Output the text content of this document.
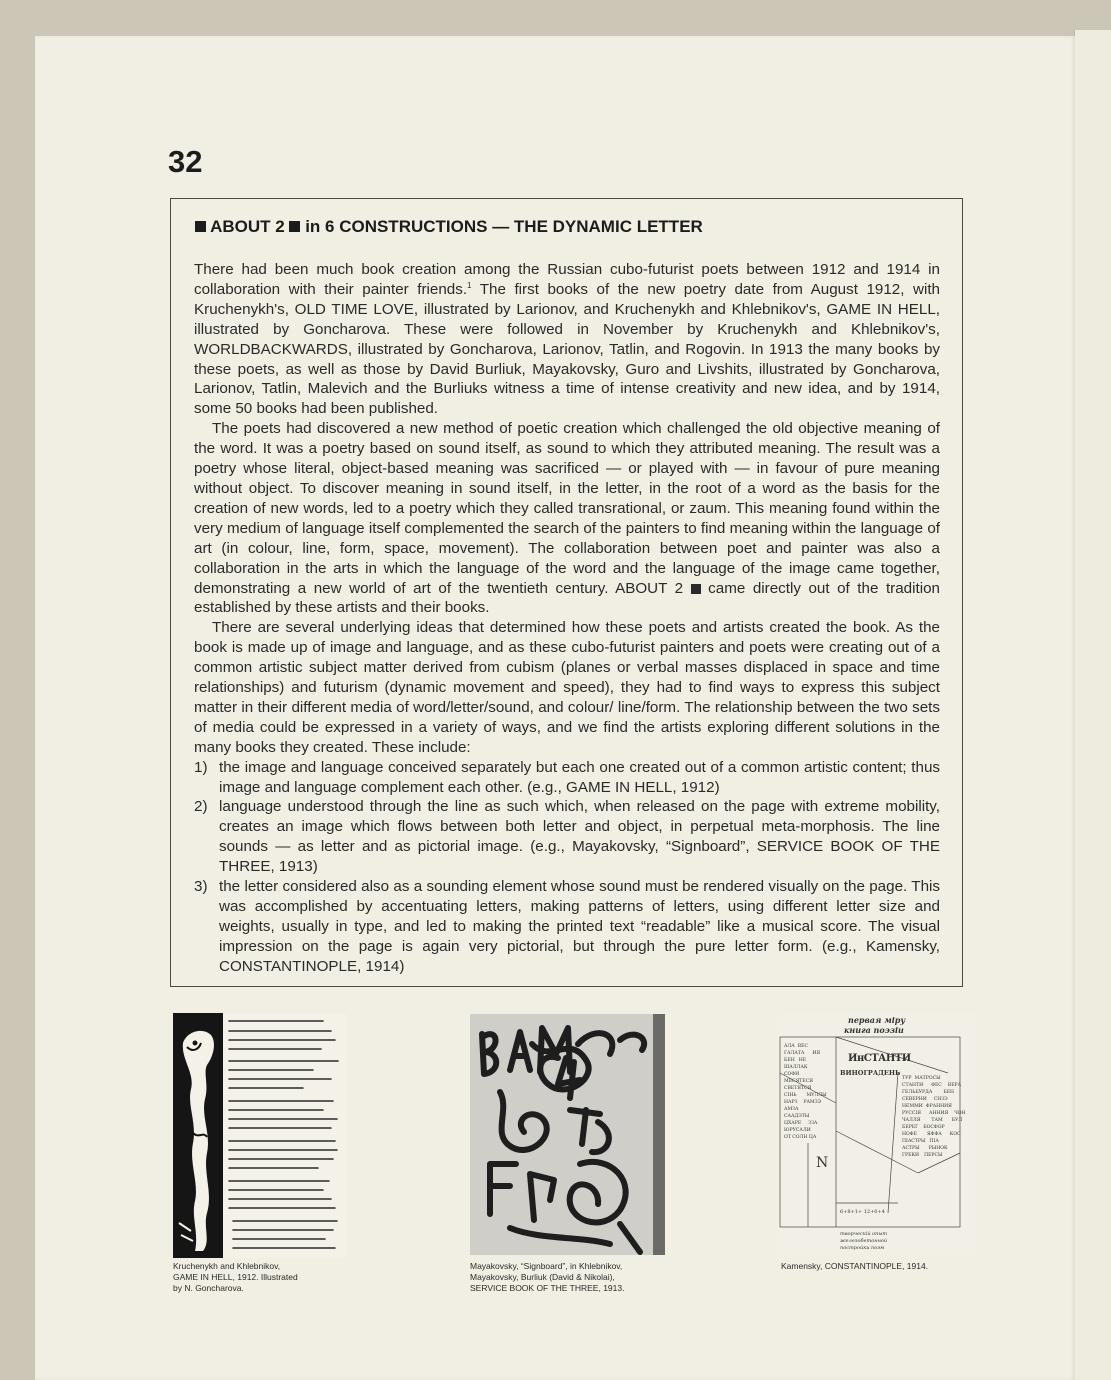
32
ABOUT 2 in 6 CONSTRUCTIONS — THE DYNAMIC LETTER

There had been much book creation among the Russian cubo-futurist poets between 1912 and 1914 in collaboration with their painter friends.$^1$ The first books of the new poetry date from August 1912, with Kruchenykh's, OLD TIME LOVE, illustrated by Larionov, and Kruchenykh and Khlebnikov's, GAME IN HELL, illustrated by Goncharova. These were followed in November by Kruchenykh and Khlebnikov's, WORLDBACKWARDS, illustrated by Goncharova, Larionov, Tatlin, and Rogovin. In 1913 the many books by these poets, as well as those by David Burliuk, Mayakovsky, Guro and Livshits, illustrated by Goncharova, Larionov, Tatlin, Malevich and the Burliuks witness a time of intense creativity and new idea, and by 1914, some 50 books had been published.

The poets had discovered a new method of poetic creation which challenged the old objective meaning of the word. It was a poetry based on sound itself, as sound to which they attributed meaning. The result was a poetry whose literal, object-based meaning was sacrificed — or played with — in favour of pure meaning without object. To discover meaning in sound itself, in the letter, in the root of a word as the basis for the creation of new words, led to a poetry which they called transrational, or zaum. This meaning found within the very medium of language itself complemented the search of the painters to find meaning within the language of art (in colour, line, form, space, movement). The collaboration between poet and painter was also a collaboration in the arts in which the language of the word and the language of the image came together, demonstrating a new world of art of the twentieth century. ABOUT 2  came directly out of the tradition established by these artists and their books.

There are several underlying ideas that determined how these poets and artists created the book. As the book is made up of image and language, and as these cubo-futurist painters and poets were creating out of a common artistic subject matter derived from cubism (planes or verbal masses displaced in space and time relationships) and futurism (dynamic movement and speed), they had to find ways to express this subject matter in their different media of word/letter/sound, and colour/ line/form. The relationship between the two sets of media could be expressed in a variety of ways, and we find the artists exploring different solutions in the many books they created. These include:

1) the image and language conceived separately but each one created out of a common artistic content; thus image and language complement each other. (e.g., GAME IN HELL, 1912)
2) language understood through the line as such which, when released on the page with extreme mobility, creates an image which flows between both letter and object, in perpetual meta-morphosis. The line sounds — as letter and as pictorial image. (e.g., Mayakovsky, “Signboard”, SERVICE BOOK OF THE THREE, 1913)
3) the letter considered also as a sounding element whose sound must be rendered visually on the page. This was accomplished by accentuating letters, making patterns of letters, using different letter size and weights, usually in type, and led to making the printed text “readable” like a musical score. The visual impression on the page is again very pictorial, but through the pure letter form. (e.g., Kamensky, CONSTANTINOPLE, 1914)
Kruchenykh and Khlebnikov,
GAME IN HELL, 1912. Illustrated
by N. Goncharova.
Mayakovsky, “Signboard”, in Khlebnikov,
Mayakovsky, Burliuk (David & Nikolai),
SERVICE BOOK OF THE THREE, 1913.
первая міру
книга поэзіи
ИнСТАНТИ
ВИНОГРАДЕНЬ
N
АЛА ВЕСГАЛАТА ИЯБЕН НЕШАЛЛАКСОФИМЕСЯТЕСЯСВЕТЯТСЯСІНЬ МУЛЛЫНАРЗ РАМЗЭАМЗАСААДЭТЫЦХАРЕ ЗЗАЮРУСАЛИОТ СОЛН ЦА
ТУР МАТРОСЫСТАНТИ ФЕС ВЕРАГЕЛЬБУРДА БЕНСЕВЕРНИ СНЗЭНЕММИ ФРАННИЯРУССІЯ АННИЯ ЧОНЧАЛЛЯ ТАМ БУЛБЕРЕГ БОСФОРНОФЕ ЯФФА КОСПІАСТРЫ ПІААСТРЫ РЫНОКГРЕКИ ПЕРСЫ
6+8+1+ 12+0+4
творческій опыт
железобетонной
постройки поэм
Kamensky, CONSTANTINOPLE, 1914.
